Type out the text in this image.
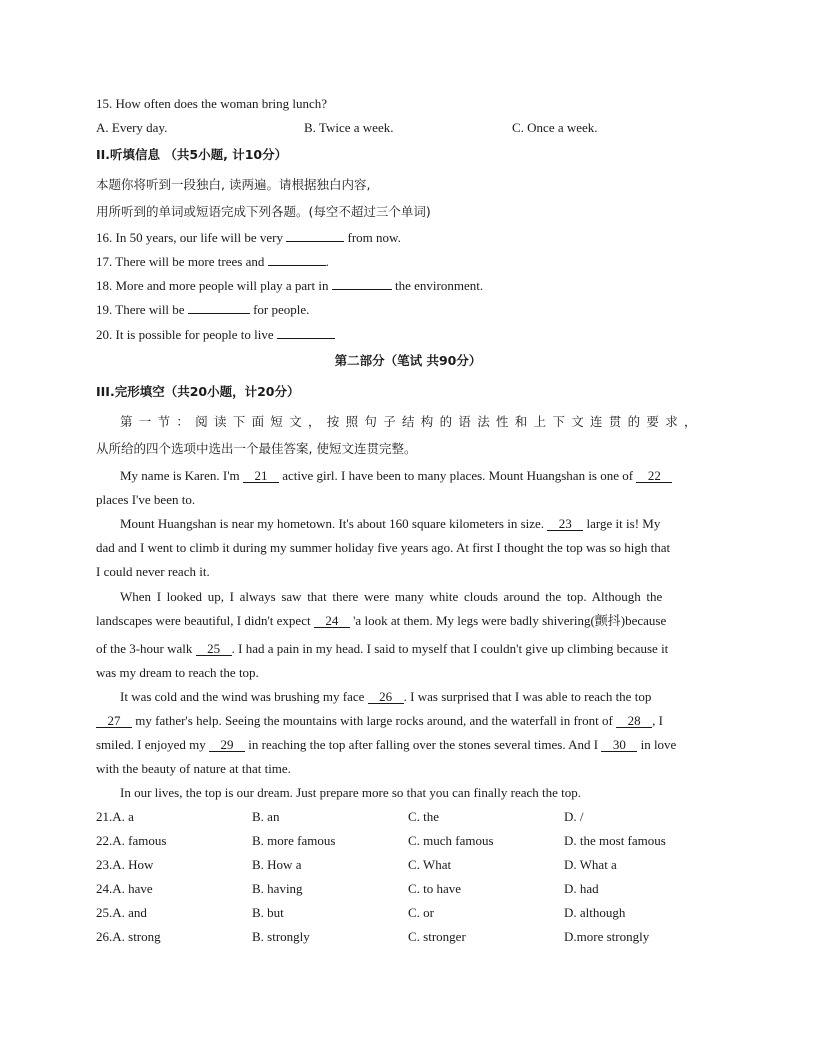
15. How often does the woman bring lunch?
A. Every day.	B. Twice a week.	C. Once a week.
II.听填信息 （共5小题, 计10分）
本题你将听到一段独白, 读两遍。请根据独白内容,
用所听到的单词或短语完成下列各题。(每空不超过三个单词)
16. In 50 years, our life will be very	from now.
17. There will be more trees and	.
18. More and more people will play a part in	the environment.
19. There will be	for people.
20. It is possible for people to live
第二部分（笔试 共90分）
III.完形填空（共20小题，计20分）
第一节：阅读下面短文，按照句子结构的语法性和上下文连贯的要求，
从所给的四个选项中选出一个最佳答案, 使短文连贯完整。
My name is Karen. I'm 21 active girl. I have been to many places. Mount Huangshan is one of 22
places I've been to.
Mount Huangshan is near my hometown. It's about 160 square kilometers in size. 23 large it is! My
dad and I went to climb it during my summer holiday five years ago. At first I thought the top was so high that
I could never reach it.
When I looked up, I always saw that there were many white clouds around the top. Although the
landscapes were beautiful, I didn't expect 24 'a look at them. My legs were badly shivering(颤抖)because
of the 3-hour walk 25 . I had a pain in my head. I said to myself that I couldn't give up climbing because it
was my dream to reach the top.
It was cold and the wind was brushing my face 26 . I was surprised that I was able to reach the top
27 my father's help. Seeing the mountains with large rocks around, and the waterfall in front of 28 , I
smiled. I enjoyed my 29 in reaching the top after falling over the stones several times. And I 30 in love
with the beauty of nature at that time.
In our lives, the top is our dream. Just prepare more so that you can finally reach the top.
21.A. a	B. an	C. the	D. /
22.A. famous	B. more famous	C. much famous	D. the most famous
23.A. How	B. How a	C. What	D. What a
24.A. have	B. having	C. to have	D. had
25.A. and	B. but	C. or	D. although
26.A. strong	B. strongly	C. stronger	D.more strongly
